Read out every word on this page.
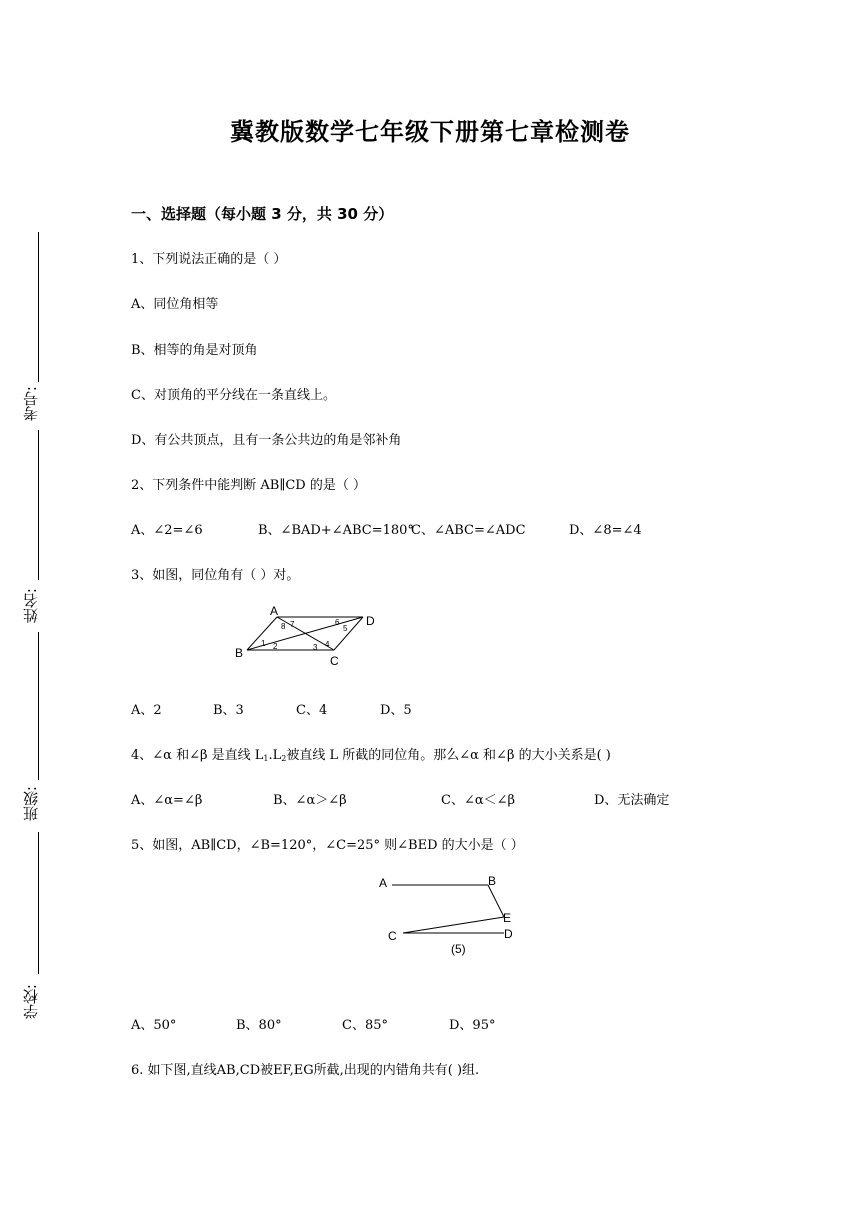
考号:
姓名:
班级:
学校:
冀教版数学七年级下册第七章检测卷
一、选择题（每小题 3 分，共 30 分）

1、下列说法正确的是（ ）

A、同位角相等

B、相等的角是对顶角

C、对顶角的平分线在一条直线上。

D、有公共顶点，且有一条公共边的角是邻补角

2、下列条件中能判断 AB∥CD 的是（ ）

A、∠2=∠6	B、∠BAD+∠ABC=180°
C、∠ABC=∠ADC	D、∠8=∠4

3、如图，同位角有（ ）对。

A
B
C
D
1 2	3 4
5
6
7
8
A、2	B、3	C、4	D、5

4、∠α 和∠β 是直线 $L_1.L_2$被直线 L 所截的同位角。那么∠α 和∠β 的大小关系是( )

A、∠α=∠β	B、∠α＞∠β	C、∠α＜∠β	D、无法确定

5、如图，AB∥CD，∠B=120°，∠C=25° 则∠BED 的大小是（ ）

A	B
E
C	D
(5)
A、50°	B、80°	C、85°	D、95°

6. 如下图,直线AB,CD被EF,EG所截,出现的内错角共有( )组.
